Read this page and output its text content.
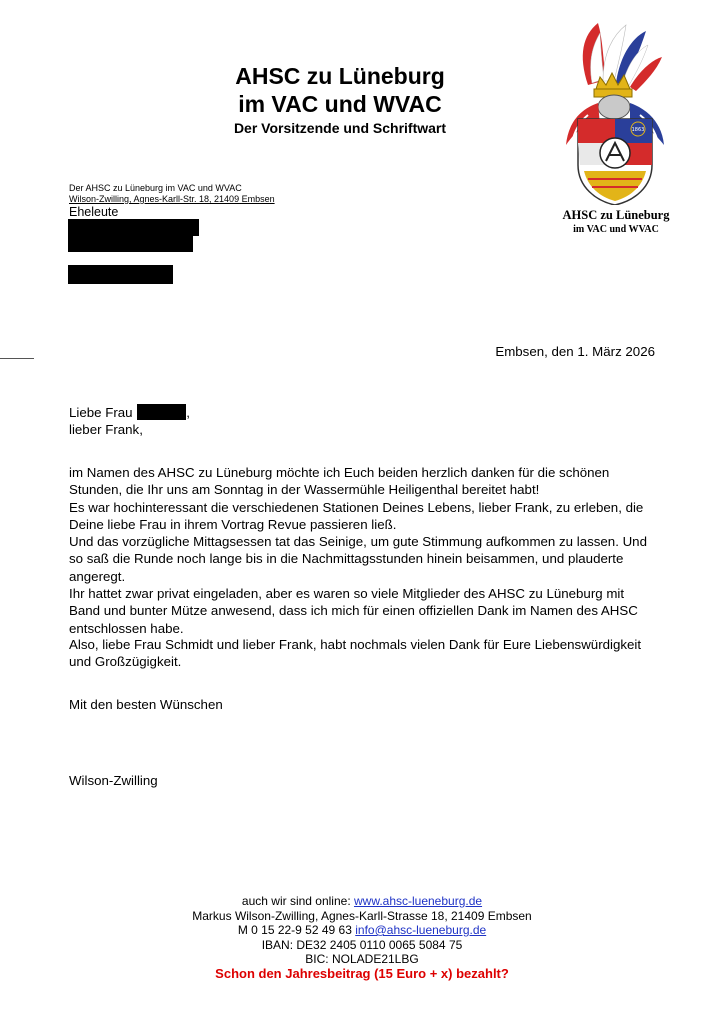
AHSC zu Lüneburg
im VAC und WVAC
Der Vorsitzende und Schriftwart	1863
AHSC zu Lüneburg
im VAC und WVAC
Der AHSC zu Lüneburg im VAC und WVAC
Wilson-Zwilling, Agnes-Karll-Str. 18, 21409 Embsen
Eheleute
Embsen, den 1. März 2026
Liebe Frau	,
lieber Frank,
im Namen des AHSC zu Lüneburg möchte ich Euch beiden herzlich danken für die schönen
Stunden, die Ihr uns am Sonntag in der Wassermühle Heiligenthal bereitet habt!
Es war hochinteressant die verschiedenen Stationen Deines Lebens, lieber Frank, zu erleben, die
Deine liebe Frau in ihrem Vortrag Revue passieren ließ.
Und das vorzügliche Mittagsessen tat das Seinige, um gute Stimmung aufkommen zu lassen. Und
so saß die Runde noch lange bis in die Nachmittagsstunden hinein beisammen, und plauderte
angeregt.
Ihr hattet zwar privat eingeladen, aber es waren so viele Mitglieder des AHSC zu Lüneburg mit
Band und bunter Mütze anwesend, dass ich mich für einen offiziellen Dank im Namen des AHSC
entschlossen habe.
Also, liebe Frau Schmidt und lieber Frank, habt nochmals vielen Dank für Eure Liebenswürdigkeit
und Großzügigkeit.
Mit den besten Wünschen
Wilson-Zwilling
auch wir sind online: www.ahsc-lueneburg.de
Markus Wilson-Zwilling, Agnes-Karll-Strasse 18, 21409 Embsen
M 0 15 22-9 52 49 63 info@ahsc-lueneburg.de
IBAN: DE32 2405 0110 0065 5084 75
BIC: NOLADE21LBG
Schon den Jahresbeitrag (15 Euro + x) bezahlt?
